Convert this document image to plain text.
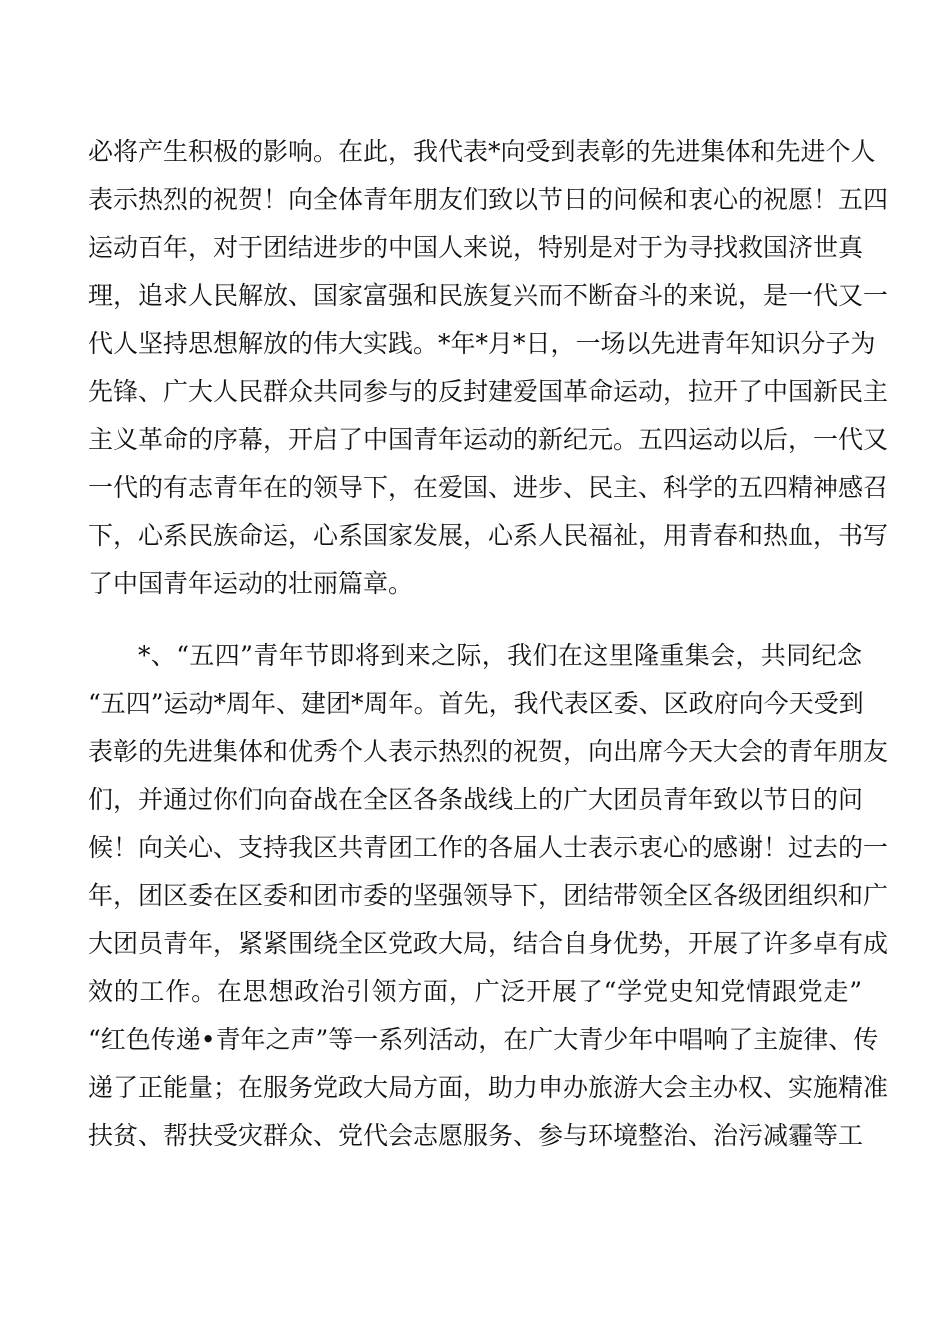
必将产生积极的影响。在此，我代表*向受到表彰的先进集体和先进个人
表示热烈的祝贺！向全体青年朋友们致以节日的问候和衷心的祝愿！五四
运动百年，对于团结进步的中国人来说，特别是对于为寻找救国济世真
理，追求人民解放、国家富强和民族复兴而不断奋斗的来说，是一代又一
代人坚持思想解放的伟大实践。*年*月*日，一场以先进青年知识分子为
先锋、广大人民群众共同参与的反封建爱国革命运动，拉开了中国新民主
主义革命的序幕，开启了中国青年运动的新纪元。五四运动以后，一代又
一代的有志青年在的领导下，在爱国、进步、民主、科学的五四精神感召
下，心系民族命运，心系国家发展，心系人民福祉，用青春和热血，书写
了中国青年运动的壮丽篇章。
*、“五四”青年节即将到来之际，我们在这里隆重集会，共同纪念
“五四”运动*周年、建团*周年。首先，我代表区委、区政府向今天受到
表彰的先进集体和优秀个人表示热烈的祝贺，向出席今天大会的青年朋友
们，并通过你们向奋战在全区各条战线上的广大团员青年致以节日的问
候！向关心、支持我区共青团工作的各届人士表示衷心的感谢！过去的一
年，团区委在区委和团市委的坚强领导下，团结带领全区各级团组织和广
大团员青年，紧紧围绕全区党政大局，结合自身优势，开展了许多卓有成
效的工作。在思想政治引领方面，广泛开展了“学党史知党情跟党走”
“红色传递•青年之声”等一系列活动，在广大青少年中唱响了主旋律、传
递了正能量；在服务党政大局方面，助力申办旅游大会主办权、实施精准
扶贫、帮扶受灾群众、党代会志愿服务、参与环境整治、治污减霾等工
